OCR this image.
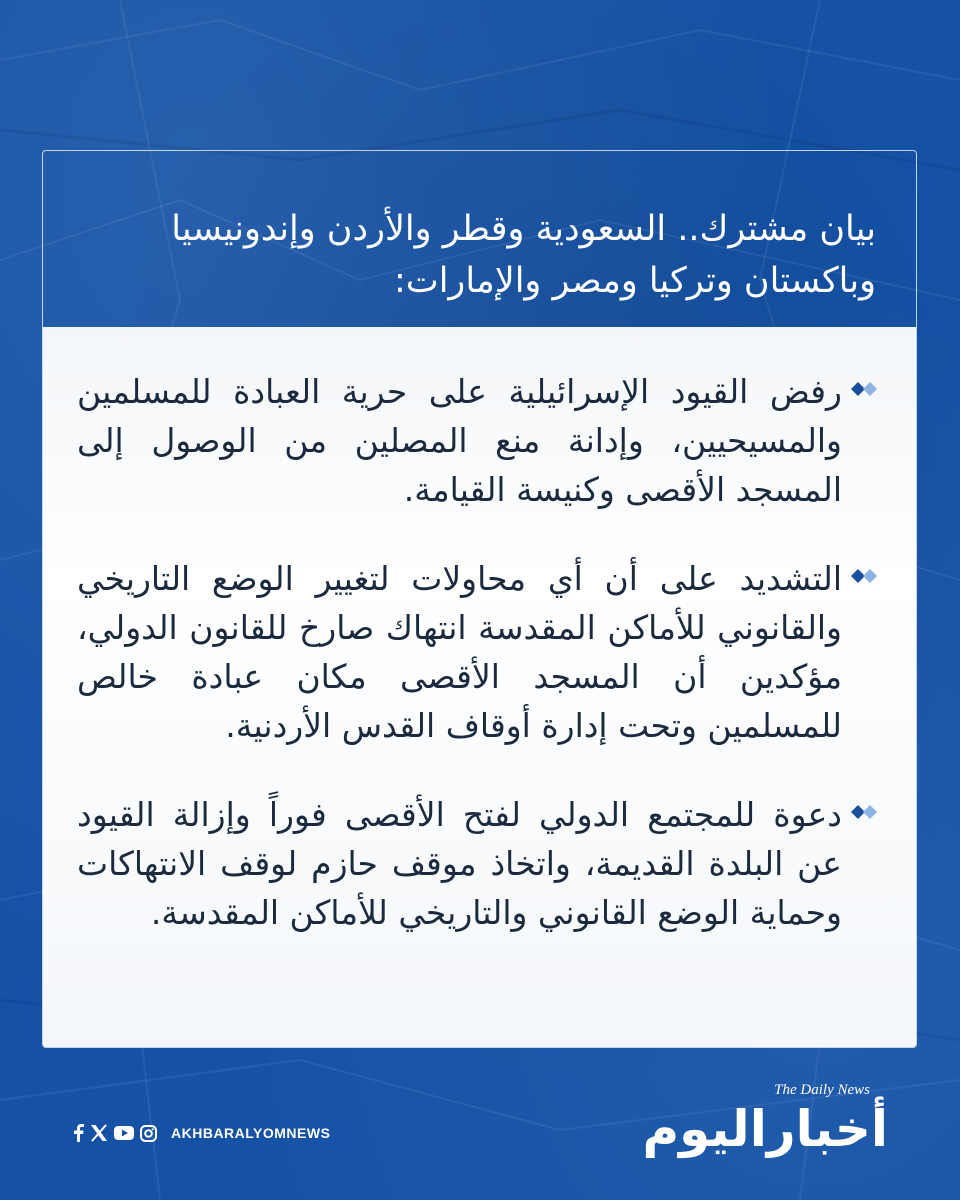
بيان مشترك.. السعودية وقطر والأردن وإندونيسيا وباكستان وتركيا ومصر والإمارات:

رفض القيود الإسرائيلية على حرية العبادة للمسلمين والمسيحيين، وإدانة منع المصلين من الوصول إلى المسجد الأقصى وكنيسة القيامة.

التشديد على أن أي محاولات لتغيير الوضع التاريخي والقانوني للأماكن المقدسة انتهاك صارخ للقانون الدولي، مؤكدين أن المسجد الأقصى مكان عبادة خالص للمسلمين وتحت إدارة أوقاف القدس الأردنية.

دعوة للمجتمع الدولي لفتح الأقصى فوراً وإزالة القيود عن البلدة القديمة، واتخاذ موقف حازم لوقف الانتهاكات وحماية الوضع القانوني والتاريخي للأماكن المقدسة.

AKHBARALYOMNEWS
The Daily News
أخباراليوم
